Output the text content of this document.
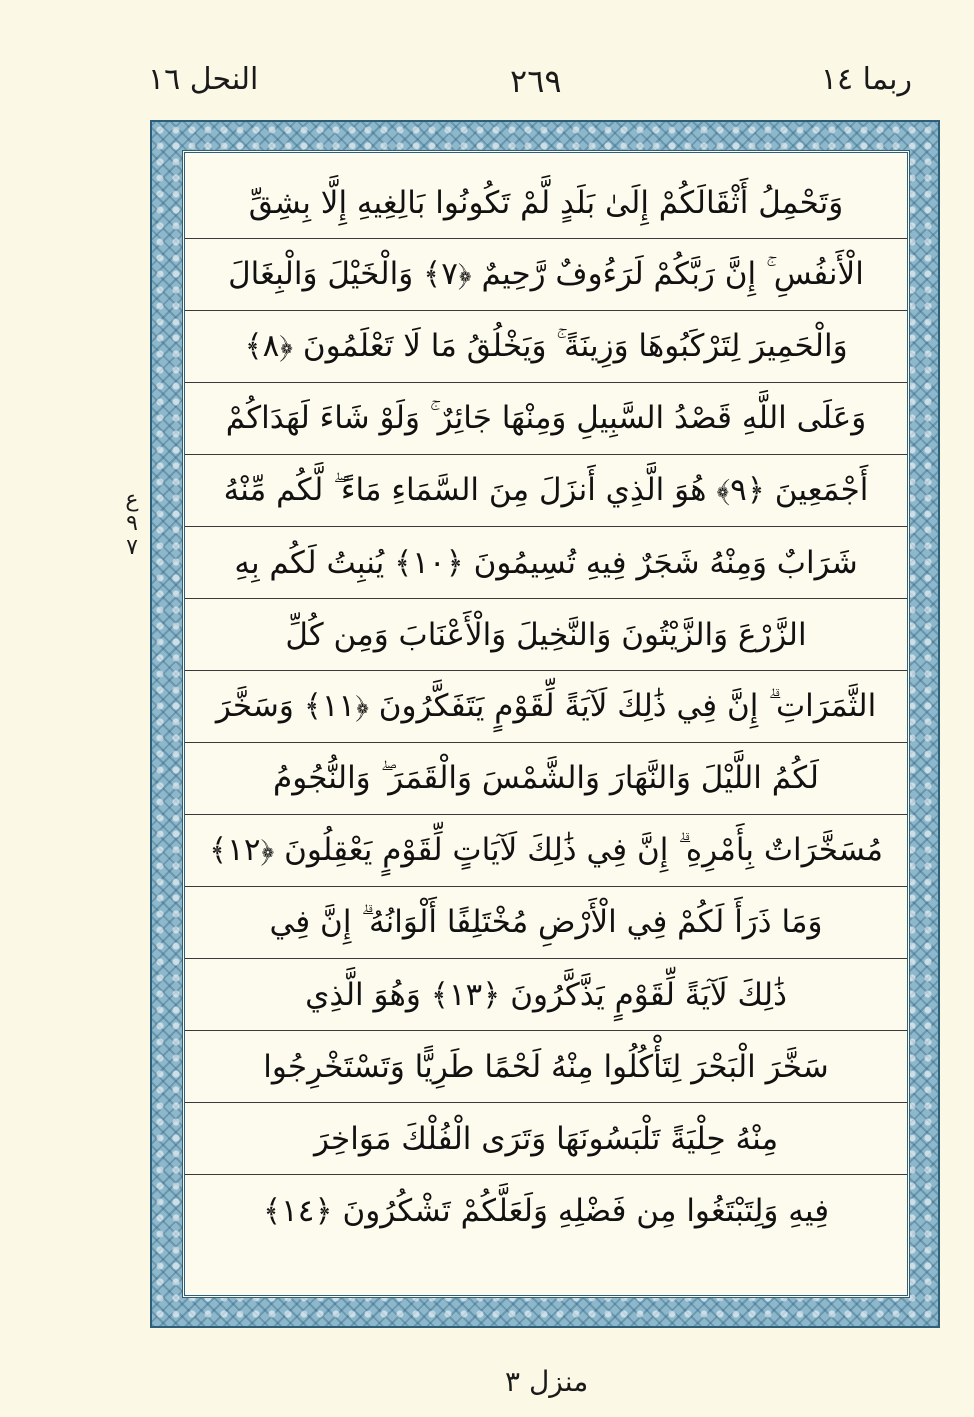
ربما ١٤
٢٦٩
النحل ١٦
ع ٩ ٧
وَتَحْمِلُ أَثْقَالَكُمْ إِلَىٰ بَلَدٍ لَّمْ تَكُونُوا بَالِغِيهِ إِلَّا بِشِقِّ
الْأَنفُسِ ۚ إِنَّ رَبَّكُمْ لَرَءُوفٌ رَّحِيمٌ ﴿٧﴾ وَالْخَيْلَ وَالْبِغَالَ
وَالْحَمِيرَ لِتَرْكَبُوهَا وَزِينَةً ۚ وَيَخْلُقُ مَا لَا تَعْلَمُونَ ﴿٨﴾
وَعَلَى اللَّهِ قَصْدُ السَّبِيلِ وَمِنْهَا جَائِرٌ ۚ وَلَوْ شَاءَ لَهَدَاكُمْ
أَجْمَعِينَ ﴿٩﴾ هُوَ الَّذِي أَنزَلَ مِنَ السَّمَاءِ مَاءً ۖ لَّكُم مِّنْهُ
شَرَابٌ وَمِنْهُ شَجَرٌ فِيهِ تُسِيمُونَ ﴿١٠﴾ يُنبِتُ لَكُم بِهِ
الزَّرْعَ وَالزَّيْتُونَ وَالنَّخِيلَ وَالْأَعْنَابَ وَمِن كُلِّ
الثَّمَرَاتِ ۗ إِنَّ فِي ذَٰلِكَ لَآيَةً لِّقَوْمٍ يَتَفَكَّرُونَ ﴿١١﴾ وَسَخَّرَ
لَكُمُ اللَّيْلَ وَالنَّهَارَ وَالشَّمْسَ وَالْقَمَرَ ۖ وَالنُّجُومُ
مُسَخَّرَاتٌ بِأَمْرِهِ ۗ إِنَّ فِي ذَٰلِكَ لَآيَاتٍ لِّقَوْمٍ يَعْقِلُونَ ﴿١٢﴾
وَمَا ذَرَأَ لَكُمْ فِي الْأَرْضِ مُخْتَلِفًا أَلْوَانُهُ ۗ إِنَّ فِي
ذَٰلِكَ لَآيَةً لِّقَوْمٍ يَذَّكَّرُونَ ﴿١٣﴾ وَهُوَ الَّذِي
سَخَّرَ الْبَحْرَ لِتَأْكُلُوا مِنْهُ لَحْمًا طَرِيًّا وَتَسْتَخْرِجُوا
مِنْهُ حِلْيَةً تَلْبَسُونَهَا وَتَرَى الْفُلْكَ مَوَاخِرَ
فِيهِ وَلِتَبْتَغُوا مِن فَضْلِهِ وَلَعَلَّكُمْ تَشْكُرُونَ ﴿١٤﴾
منزل ٣
